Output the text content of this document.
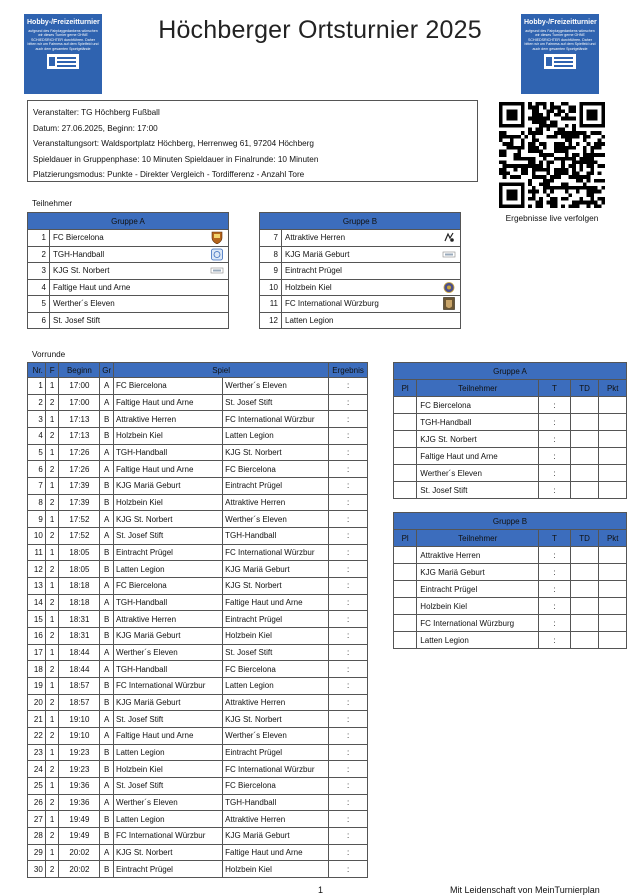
Hobby-/Freizeitturnier
aufgrund des Fairplaygedankens wünschen wir dieses Turnier gerne OHNE SCHIEDSRICHTER durchführen. Daher bitten wir um Fairness auf dem Spielfeld und auch dem gesamten Sportgelände
Hobby-/Freizeitturnier
aufgrund des Fairplaygedankens wünschen wir dieses Turnier gerne OHNE SCHIEDSRICHTER durchführen. Daher bitten wir um Fairness auf dem Spielfeld und auch dem gesamten Sportgelände
Höchberger Ortsturnier 2025
Veranstalter: TG Höchberg Fußball
Datum: 27.06.2025, Beginn: 17:00
Veranstaltungsort: Waldsportplatz Höchberg, Herrenweg 61, 97204 Höchberg
Spieldauer in Gruppenphase: 10 Minuten Spieldauer in Finalrunde: 10 Minuten
Platzierungsmodus: Punkte - Direkter Vergleich - Tordifferenz - Anzahl Tore
Ergebnisse live verfolgen
Teilnehmer
Gruppe A		
1	FC Biercelona	
2	TGH-Handball	
3	KJG St. Norbert	
4	Faltige Haut und Arne	
5	Werther´s Eleven	
6	St. Josef Stift	
Gruppe B		
7	Attraktive Herren	
8	KJG Mariä Geburt	
9	Eintracht Prügel	
10	Holzbein Kiel	
11	FC International Würzburg	
12	Latten Legion	
Vorrunde
Nr.	F	Beginn	Gr	Spiel		Ergebnis
1	1	17:00	A	FC Biercelona	Werther´s Eleven	:
2	2	17:00	A	Faltige Haut und Arne	St. Josef Stift	:
3	1	17:13	B	Attraktive Herren	FC International Würzbur	:
4	2	17:13	B	Holzbein Kiel	Latten Legion	:
5	1	17:26	A	TGH-Handball	KJG St. Norbert	:
6	2	17:26	A	Faltige Haut und Arne	FC Biercelona	:
7	1	17:39	B	KJG Mariä Geburt	Eintracht Prügel	:
8	2	17:39	B	Holzbein Kiel	Attraktive Herren	:
9	1	17:52	A	KJG St. Norbert	Werther´s Eleven	:
10	2	17:52	A	St. Josef Stift	TGH-Handball	:
11	1	18:05	B	Eintracht Prügel	FC International Würzbur	:
12	2	18:05	B	Latten Legion	KJG Mariä Geburt	:
13	1	18:18	A	FC Biercelona	KJG St. Norbert	:
14	2	18:18	A	TGH-Handball	Faltige Haut und Arne	:
15	1	18:31	B	Attraktive Herren	Eintracht Prügel	:
16	2	18:31	B	KJG Mariä Geburt	Holzbein Kiel	:
17	1	18:44	A	Werther´s Eleven	St. Josef Stift	:
18	2	18:44	A	TGH-Handball	FC Biercelona	:
19	1	18:57	B	FC International Würzbur	Latten Legion	:
20	2	18:57	B	KJG Mariä Geburt	Attraktive Herren	:
21	1	19:10	A	St. Josef Stift	KJG St. Norbert	:
22	2	19:10	A	Faltige Haut und Arne	Werther´s Eleven	:
23	1	19:23	B	Latten Legion	Eintracht Prügel	:
24	2	19:23	B	Holzbein Kiel	FC International Würzbur	:
25	1	19:36	A	St. Josef Stift	FC Biercelona	:
26	2	19:36	A	Werther´s Eleven	TGH-Handball	:
27	1	19:49	B	Latten Legion	Attraktive Herren	:
28	2	19:49	B	FC International Würzbur	KJG Mariä Geburt	:
29	1	20:02	A	KJG St. Norbert	Faltige Haut und Arne	:
30	2	20:02	B	Eintracht Prügel	Holzbein Kiel	:
Gruppe A				
Pl	Teilnehmer	T	TD	Pkt
	FC Biercelona	:		
	TGH-Handball	:		
	KJG St. Norbert	:		
	Faltige Haut und Arne	:		
	Werther´s Eleven	:		
	St. Josef Stift	:		
Gruppe B				
Pl	Teilnehmer	T	TD	Pkt
	Attraktive Herren	:		
	KJG Mariä Geburt	:		
	Eintracht Prügel	:		
	Holzbein Kiel	:		
	FC International Würzburg	:		
	Latten Legion	:		
1	Mit Leidenschaft von MeinTurnierplan
